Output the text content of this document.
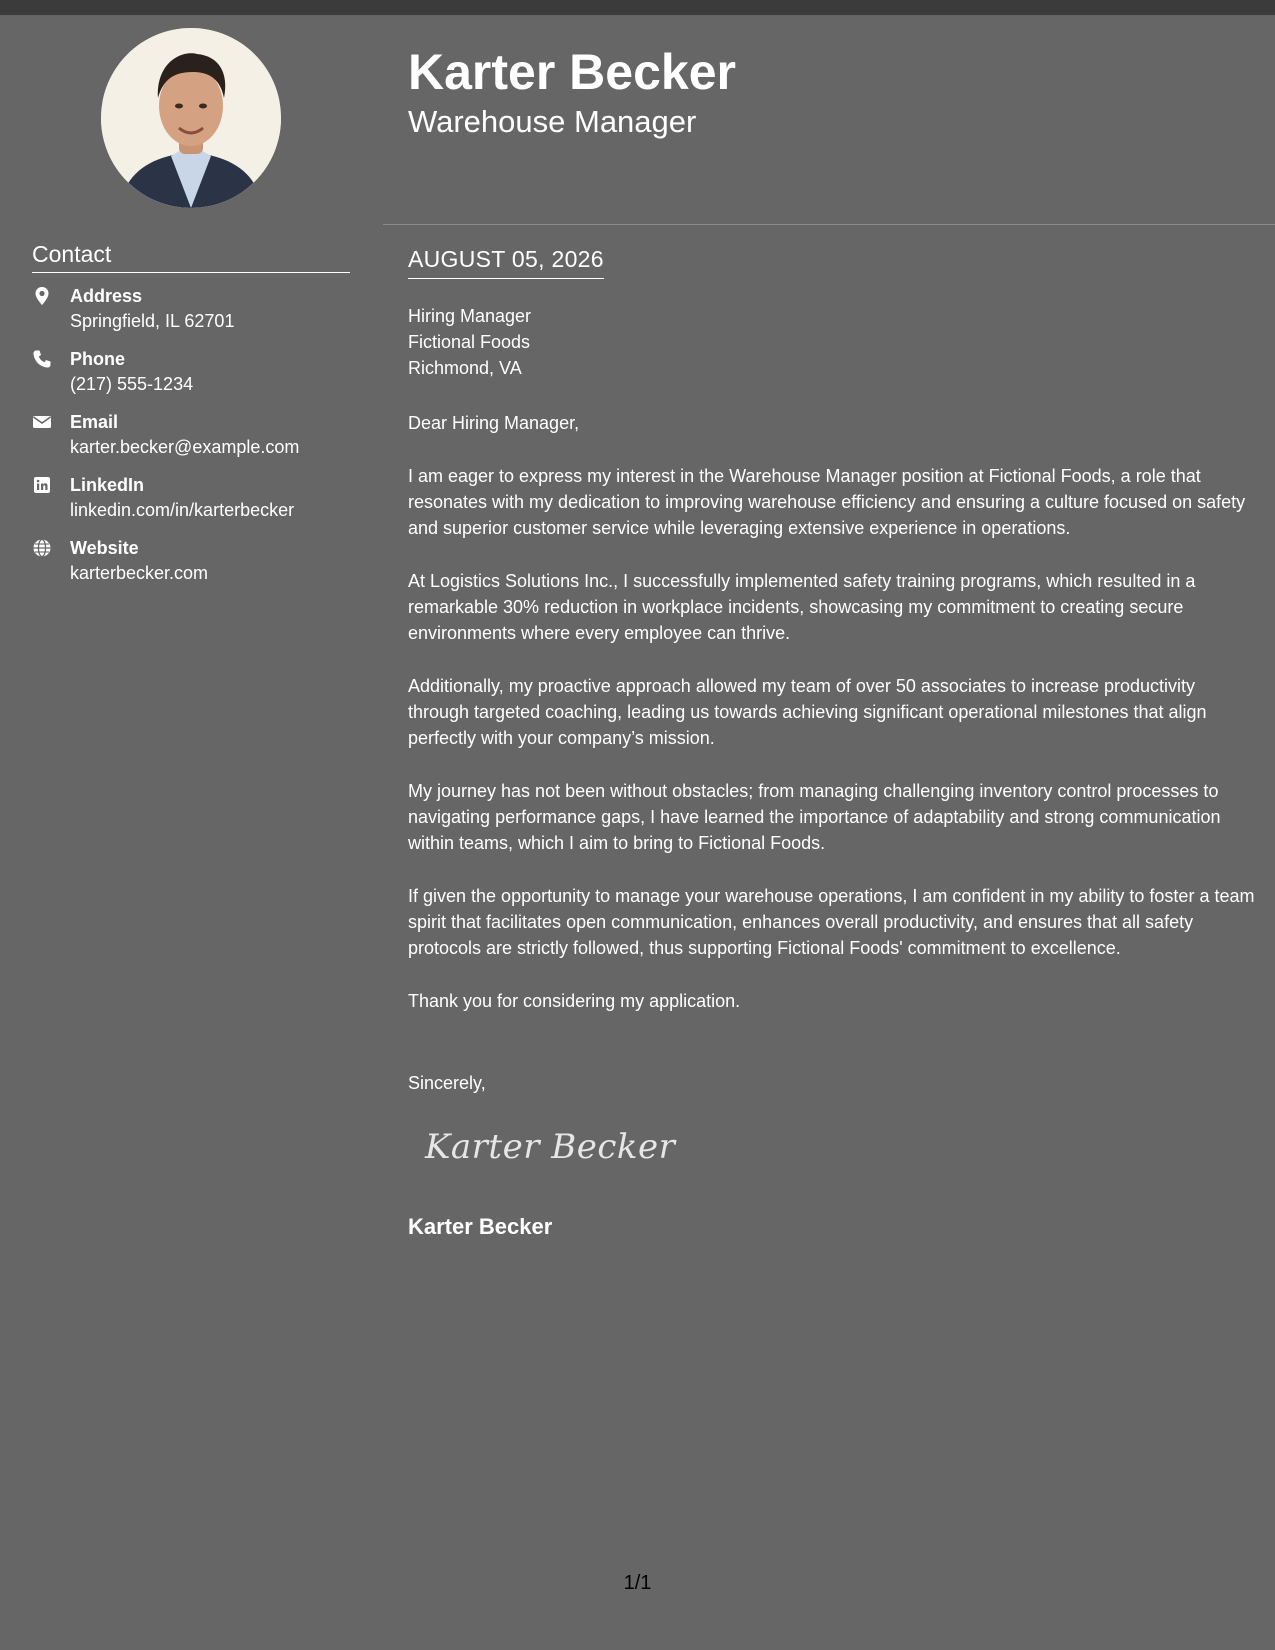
Contact
Address
Springfield, IL 62701
Phone
(217) 555-1234
Email
karter.becker@example.com
LinkedIn
linkedin.com/in/karterbecker
Website
karterbecker.com
Karter Becker
Warehouse Manager
AUGUST 05, 2026
Hiring Manager
Fictional Foods
Richmond, VA

Dear Hiring Manager,

I am eager to express my interest in the Warehouse Manager position at Fictional Foods, a role that resonates with my dedication to improving warehouse efficiency and ensuring a culture focused on safety and superior customer service while leveraging extensive experience in operations.

At Logistics Solutions Inc., I successfully implemented safety training programs, which resulted in a remarkable 30% reduction in workplace incidents, showcasing my commitment to creating secure environments where every employee can thrive.

Additionally, my proactive approach allowed my team of over 50 associates to increase productivity through targeted coaching, leading us towards achieving significant operational milestones that align perfectly with your company’s mission.

My journey has not been without obstacles; from managing challenging inventory control processes to navigating performance gaps, I have learned the importance of adaptability and strong communication within teams, which I aim to bring to Fictional Foods.

If given the opportunity to manage your warehouse operations, I am confident in my ability to foster a team spirit that facilitates open communication, enhances overall productivity, and ensures that all safety protocols are strictly followed, thus supporting Fictional Foods' commitment to excellence.

Thank you for considering my application.

Sincerely,
Karter Becker
Karter Becker
1/1
